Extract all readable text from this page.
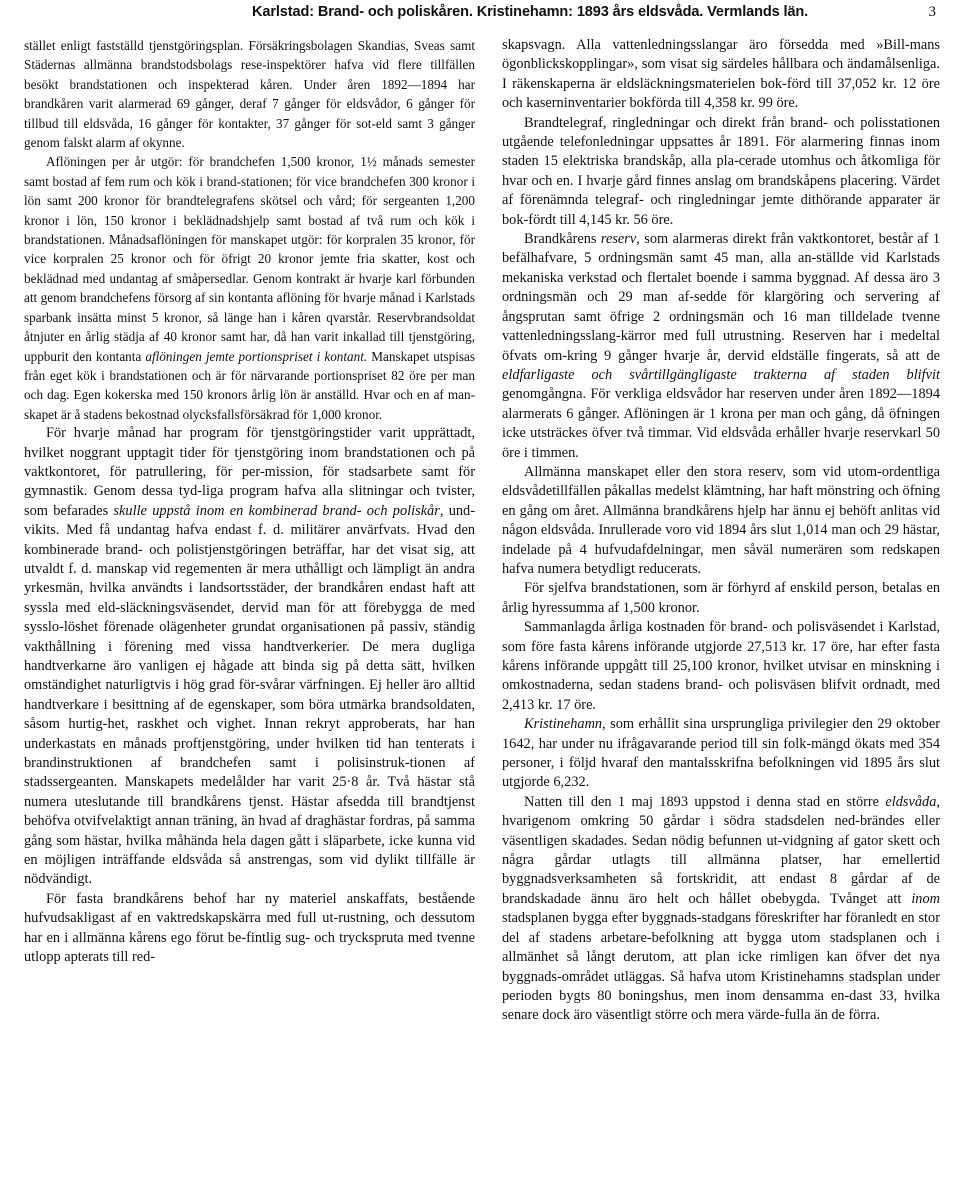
Karlstad: Brand- och poliskåren. Kristinehamn: 1893 års eldsvåda. Vermlands län.	3

stället enligt fastställd tjenstgöringsplan. Försäkringsbolagen Skandias, Sveas samt Städernas allmänna brandstodsbolags rese-inspektörer hafva vid flere tillfällen besökt brandstationen och inspekterad kåren. Under åren 1892—1894 har brandkåren varit alarmerad 69 gånger, deraf 7 gånger för eldsvådor, 6 gånger för tillbud till eldsvåda, 16 gånger för kontakter, 37 gånger för sot-eld samt 3 gånger genom falskt alarm af okynne.

Aflöningen per år utgör: för brandchefen 1,500 kronor, 1½ månads semester samt bostad af fem rum och kök i brand-stationen; för vice brandchefen 300 kronor i lön samt 200 kronor för brandtelegrafens skötsel och vård; för sergeanten 1,200 kronor i lön, 150 kronor i beklädnadshjelp samt bostad af två rum och kök i brandstationen. Månadsaflöningen för manskapet utgör: för korpralen 35 kronor, för vice korpralen 25 kronor och för öfrigt 20 kronor jemte fria skatter, kost och beklädnad med undantag af småpersedlar. Genom kontrakt är hvarje karl förbunden att genom brandchefens försorg af sin kontanta aflöning för hvarje månad i Karlstads sparbank insätta minst 5 kronor, så länge han i kåren qvarstår. Reservbrandsoldat åtnjuter en årlig städja af 40 kronor samt har, då han varit inkallad till tjenstgöring, uppburit den kontanta aflöningen jemte portionspriset i kontant. Manskapet utspisas från eget kök i brandstationen och är för närvarande portionspriset 82 öre per man och dag. Egen kokerska med 150 kronors årlig lön är anställd. Hvar och en af man-skapet är å stadens bekostnad olycksfallsförsäkrad för 1,000 kronor.

För hvarje månad har program för tjenstgöringstider varit upprättadt, hvilket noggrant upptagit tider för tjenstgöring inom brandstationen och på vaktkontoret, för patrullering, för per-mission, för stadsarbete samt för gymnastik. Genom dessa tyd-liga program hafva alla slitningar och tvister, som befarades skulle uppstå inom en kombinerad brand- och poliskår, und-vikits. Med få undantag hafva endast f. d. militärer anvärfvats. Hvad den kombinerade brand- och polistjenstgöringen beträffar, har det visat sig, att utvaldt f. d. manskap vid regementen är mera uthålligt och lämpligt än andra yrkesmän, hvilka användts i landsortsstäder, der brandkåren endast haft att syssla med eld-släckningsväsendet, dervid man för att förebygga de med sysslo-löshet förenade olägenheter grundat organisationen på passiv, ständig vakthållning i förening med vissa handtverkerier. De mera dugliga handtverkarne äro vanligen ej hågade att binda sig på detta sätt, hvilken omständighet naturligtvis i hög grad för-svårar värfningen. Ej heller äro alltid handtverkare i besittning af de egenskaper, som böra utmärka brandsoldaten, såsom hurtig-het, raskhet och vighet. Innan rekryt approberats, har han underkastats en månads proftjenstgöring, under hvilken tid han tenterats i brandinstruktionen af brandchefen samt i polisinstruk-tionen af stadssergeanten. Manskapets medelålder har varit 25·8 år. Två hästar stå numera uteslutande till brandkårens tjenst. Hästar afsedda till brandtjenst behöfva otvifvelaktigt annan träning, än hvad af draghästar fordras, på samma gång som hästar, hvilka måhända hela dagen gått i släparbete, icke kunna vid en möjligen inträffande eldsvåda så anstrengas, som vid dylikt tillfälle är nödvändigt.

För fasta brandkårens behof har ny materiel anskaffats, bestående hufvudsakligast af en vaktredskapskärra med full ut-rustning, och dessutom har en i allmänna kårens ego förut be-fintlig sug- och tryckspruta med tvenne utlopp apterats till red-

skapsvagn. Alla vattenledningsslangar äro försedda med »Bill-mans ögonblickskopplingar», som visat sig särdeles hållbara och ändamålsenliga. I räkenskaperna är eldsläckningsmaterielen bok-förd till 37,052 kr. 12 öre och kaserninventarier bokförda till 4,358 kr. 99 öre.

Brandtelegraf, ringledningar och direkt från brand- och polisstationen utgående telefonledningar uppsattes år 1891. För alarmering finnas inom staden 15 elektriska brandskåp, alla pla-cerade utomhus och åtkomliga för hvar och en. I hvarje gård finnes anslag om brandskåpens placering. Värdet af förenämnda telegraf- och ringledningar jemte dithörande apparater är bok-fördt till 4,145 kr. 56 öre.

Brandkårens reserv, som alarmeras direkt från vaktkontoret, består af 1 befälhafvare, 5 ordningsmän samt 45 man, alla an-ställde vid Karlstads mekaniska verkstad och flertalet boende i samma byggnad. Af dessa äro 3 ordningsmän och 29 man af-sedde för klargöring och servering af ångsprutan samt öfrige 2 ordningsmän och 16 man tilldelade tvenne vattenledningsslang-kärror med full utrustning. Reserven har i medeltal öfvats om-kring 9 gånger hvarje år, dervid eldställe fingerats, så att de eldfarligaste och svårtillgängligaste trakterna af staden blifvit genomgångna. För verkliga eldsvådor har reserven under åren 1892—1894 alarmerats 6 gånger. Aflöningen är 1 krona per man och gång, då öfningen icke utsträckes öfver två timmar. Vid eldsvåda erhåller hvarje reservkarl 50 öre i timmen.

Allmänna manskapet eller den stora reserv, som vid utom-ordentliga eldsvådetillfällen påkallas medelst klämtning, har haft mönstring och öfning en gång om året. Allmänna brandkårens hjelp har ännu ej behöft anlitas vid någon eldsvåda. Inrullerade voro vid 1894 års slut 1,014 man och 29 hästar, indelade på 4 hufvudafdelningar, men såväl numerären som redskapen hafva numera betydligt reducerats.

För sjelfva brandstationen, som är förhyrd af enskild person, betalas en årlig hyressumma af 1,500 kronor.

Sammanlagda årliga kostnaden för brand- och polisväsendet i Karlstad, som före fasta kårens införande utgjorde 27,513 kr. 17 öre, har efter fasta kårens införande uppgått till 25,100 kronor, hvilket utvisar en minskning i omkostnaderna, sedan stadens brand- och polisväsen blifvit ordnadt, med 2,413 kr. 17 öre.

Kristinehamn, som erhållit sina ursprungliga privilegier den 29 oktober 1642, har under nu ifrågavarande period till sin folk-mängd ökats med 354 personer, i följd hvaraf den mantalsskrifna befolkningen vid 1895 års slut utgjorde 6,232.

Natten till den 1 maj 1893 uppstod i denna stad en större eldsvåda, hvarigenom omkring 50 gårdar i södra stadsdelen ned-brändes eller väsentligen skadades. Sedan nödig befunnen ut-vidgning af gator skett och några gårdar utlagts till allmänna platser, har emellertid byggnadsverksamheten så fortskridit, att endast 8 gårdar af de brandskadade ännu äro helt och hållet obebygda. Tvånget att inom stadsplanen bygga efter byggnads-stadgans föreskrifter har föranledt en stor del af stadens arbetare-befolkning att bygga utom stadsplanen och i allmänhet så långt derutom, att plan icke rimligen kan öfver det nya byggnads-området utläggas. Så hafva utom Kristinehamns stadsplan under perioden bygts 80 boningshus, men inom densamma en-dast 33, hvilka senare dock äro väsentligt större och mera värde-fulla än de förra.
